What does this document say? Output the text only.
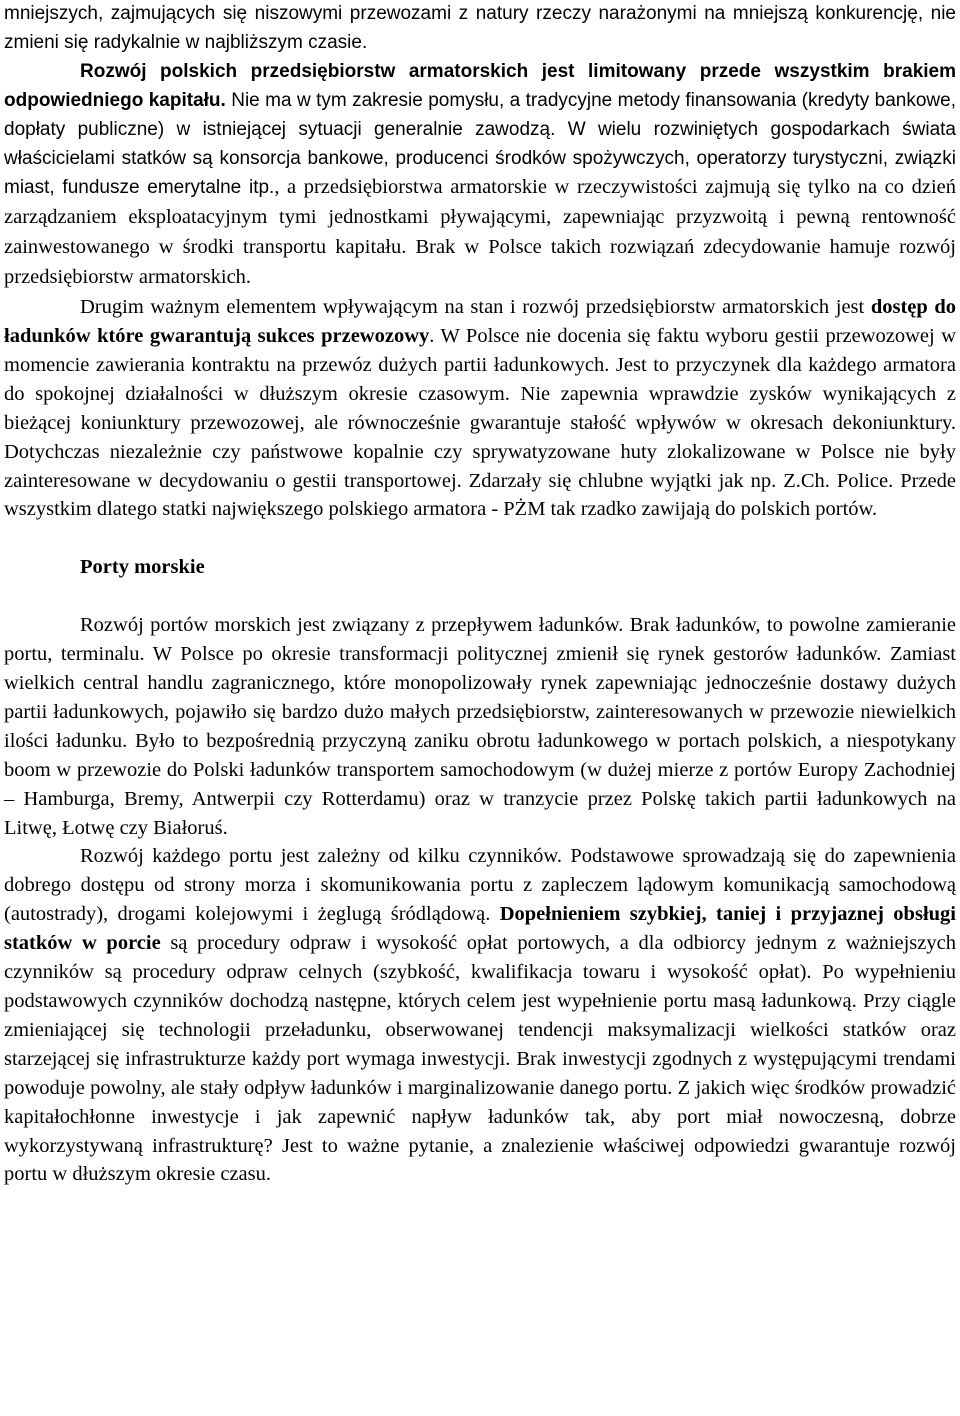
mniejszych, zajmujących się niszowymi przewozami z natury rzeczy narażonymi na mniejszą konkurencję, nie zmieni się radykalnie w najbliższym czasie.

Rozwój polskich przedsiębiorstw armatorskich jest limitowany przede wszystkim brakiem odpowiedniego kapitału. Nie ma w tym zakresie pomysłu, a tradycyjne metody finansowania (kredyty bankowe, dopłaty publiczne) w istniejącej sytuacji generalnie zawodzą. W wielu rozwiniętych gospodarkach świata właścicielami statków są konsorcja bankowe, producenci środków spożywczych, operatorzy turystyczni, związki miast, fundusze emerytalne itp., a przedsiębiorstwa armatorskie w rzeczywistości zajmują się tylko na co dzień zarządzaniem eksploatacyjnym tymi jednostkami pływającymi, zapewniając przyzwoitą i pewną rentowność zainwestowanego w środki transportu kapitału. Brak w Polsce takich rozwiązań zdecydowanie hamuje rozwój przedsiębiorstw armatorskich.

Drugim ważnym elementem wpływającym na stan i rozwój przedsiębiorstw armatorskich jest dostęp do ładunków które gwarantują sukces przewozowy. W Polsce nie docenia się faktu wyboru gestii przewozowej w momencie zawierania kontraktu na przewóz dużych partii ładunkowych. Jest to przyczynek dla każdego armatora do spokojnej działalności w dłuższym okresie czasowym. Nie zapewnia wprawdzie zysków wynikających z bieżącej koniunktury przewozowej, ale równocześnie gwarantuje stałość wpływów w okresach dekoniunktury. Dotychczas niezależnie czy państwowe kopalnie czy sprywatyzowane huty zlokalizowane w Polsce nie były zainteresowane w decydowaniu o gestii transportowej. Zdarzały się chlubne wyjątki jak np. Z.Ch. Police. Przede wszystkim dlatego statki największego polskiego armatora - PŻM tak rzadko zawijają do polskich portów.

Porty morskie

Rozwój portów morskich jest związany z przepływem ładunków. Brak ładunków, to powolne zamieranie portu, terminalu. W Polsce po okresie transformacji politycznej zmienił się rynek gestorów ładunków. Zamiast wielkich central handlu zagranicznego, które monopolizowały rynek zapewniając jednocześnie dostawy dużych partii ładunkowych, pojawiło się bardzo dużo małych przedsiębiorstw, zainteresowanych w przewozie niewielkich ilości ładunku. Było to bezpośrednią przyczyną zaniku obrotu ładunkowego w portach polskich, a niespotykany boom w przewozie do Polski ładunków transportem samochodowym (w dużej mierze z portów Europy Zachodniej – Hamburga, Bremy, Antwerpii czy Rotterdamu) oraz w tranzycie przez Polskę takich partii ładunkowych na Litwę, Łotwę czy Białoruś.

Rozwój każdego portu jest zależny od kilku czynników. Podstawowe sprowadzają się do zapewnienia dobrego dostępu od strony morza i skomunikowania portu z zapleczem lądowym komunikacją samochodową (autostrady), drogami kolejowymi i żeglugą śródlądową. Dopełnieniem szybkiej, taniej i przyjaznej obsługi statków w porcie są procedury odpraw i wysokość opłat portowych, a dla odbiorcy jednym z ważniejszych czynników są procedury odpraw celnych (szybkość, kwalifikacja towaru i wysokość opłat). Po wypełnieniu podstawowych czynników dochodzą następne, których celem jest wypełnienie portu masą ładunkową. Przy ciągle zmieniającej się technologii przeładunku, obserwowanej tendencji maksymalizacji wielkości statków oraz starzejącej się infrastrukturze każdy port wymaga inwestycji. Brak inwestycji zgodnych z występującymi trendami powoduje powolny, ale stały odpływ ładunków i marginalizowanie danego portu. Z jakich więc środków prowadzić kapitałochłonne inwestycje i jak zapewnić napływ ładunków tak, aby port miał nowoczesną, dobrze wykorzystywaną infrastrukturę? Jest to ważne pytanie, a znalezienie właściwej odpowiedzi gwarantuje rozwój portu w dłuższym okresie czasu.
